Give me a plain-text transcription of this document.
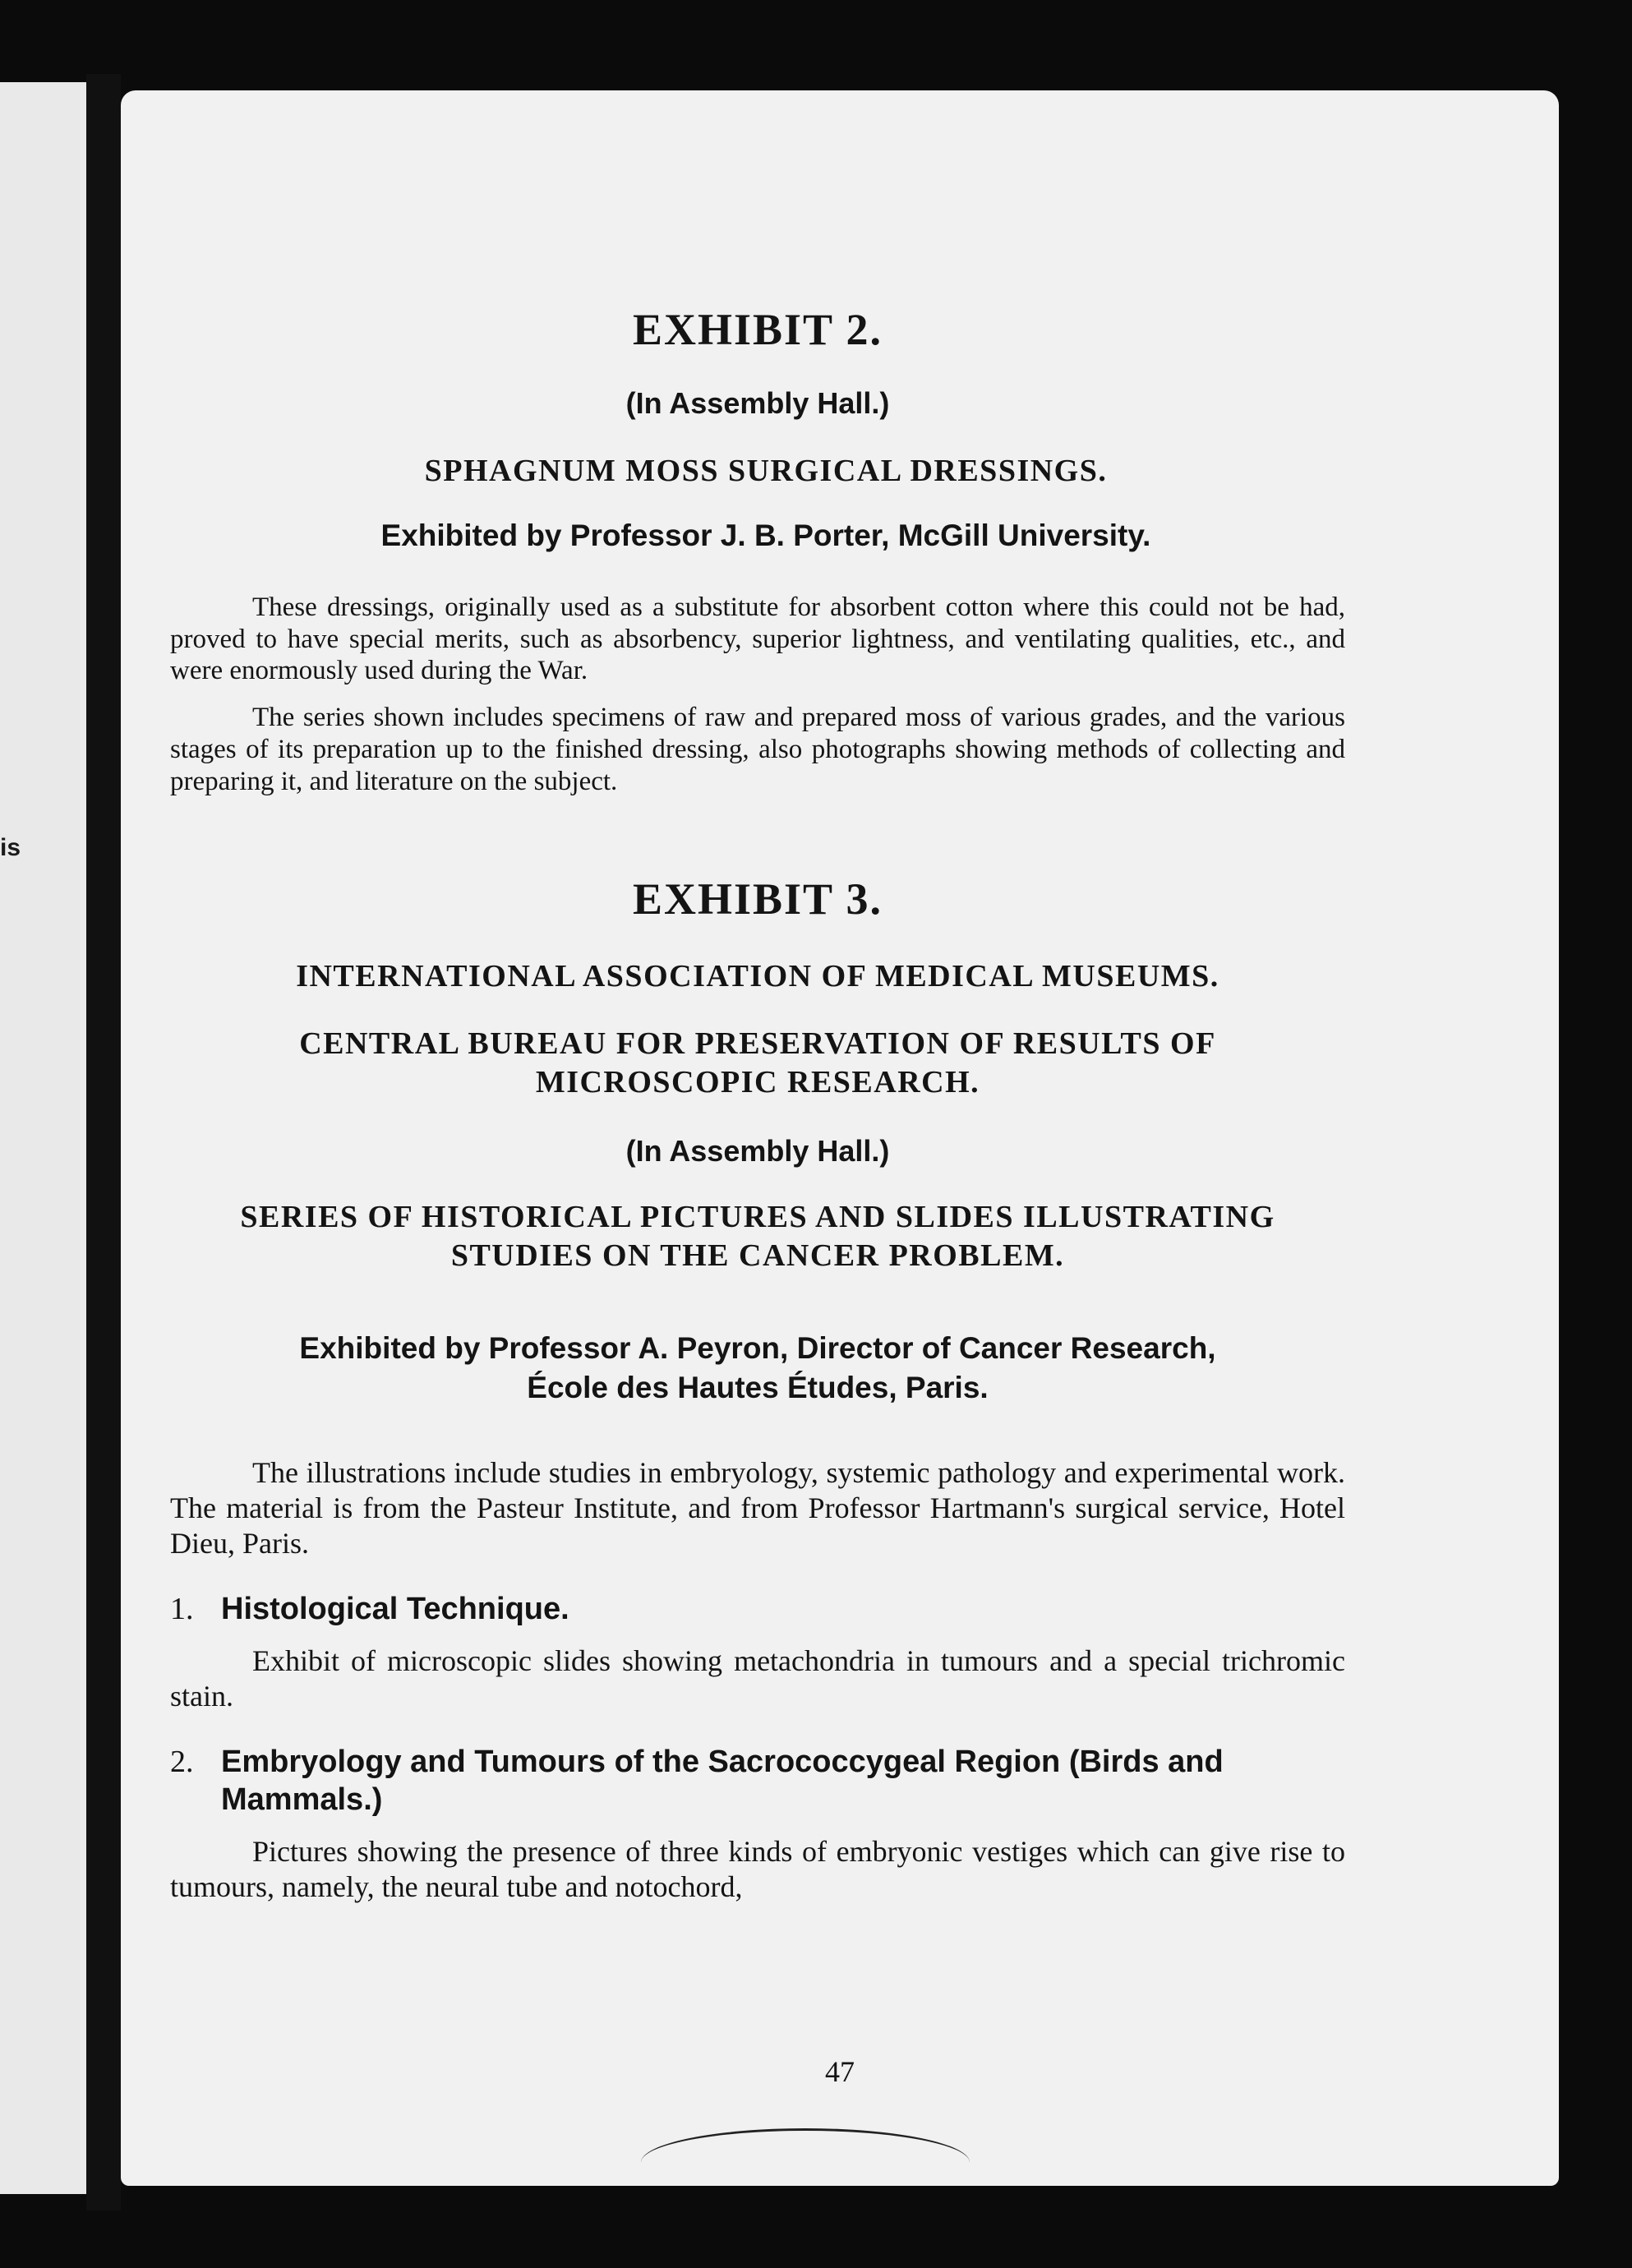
is
EXHIBIT 2.

(In Assembly Hall.)

SPHAGNUM MOSS SURGICAL DRESSINGS.

Exhibited by Professor J. B. Porter, McGill University.

These dressings, originally used as a substitute for absorbent cotton where this could not be had, proved to have special merits, such as absorbency, superior lightness, and ventilating qualities, etc., and were enormously used during the War.

The series shown includes specimens of raw and prepared moss of various grades, and the various stages of its preparation up to the finished dressing, also photographs showing methods of collecting and preparing it, and literature on the subject.

EXHIBIT 3.
INTERNATIONAL ASSOCIATION OF MEDICAL MUSEUMS.
CENTRAL BUREAU FOR PRESERVATION OF RESULTS OF MICROSCOPIC RESEARCH.

(In Assembly Hall.)

SERIES OF HISTORICAL PICTURES AND SLIDES ILLUSTRATING STUDIES ON THE CANCER PROBLEM.

Exhibited by Professor A. Peyron, Director of Cancer Research,

École des Hautes Études, Paris.

The illustrations include studies in embryology, systemic pathology and experimental work. The material is from the Pasteur Institute, and from Professor Hartmann's surgical service, Hotel Dieu, Paris.

1. Histological Technique.

Exhibit of microscopic slides showing metachondria in tumours and a special trichromic stain.

2. Embryology and Tumours of the Sacrococcygeal Region (Birds and Mammals.)

Pictures showing the presence of three kinds of embryonic vestiges which can give rise to tumours, namely, the neural tube and notochord,

47
